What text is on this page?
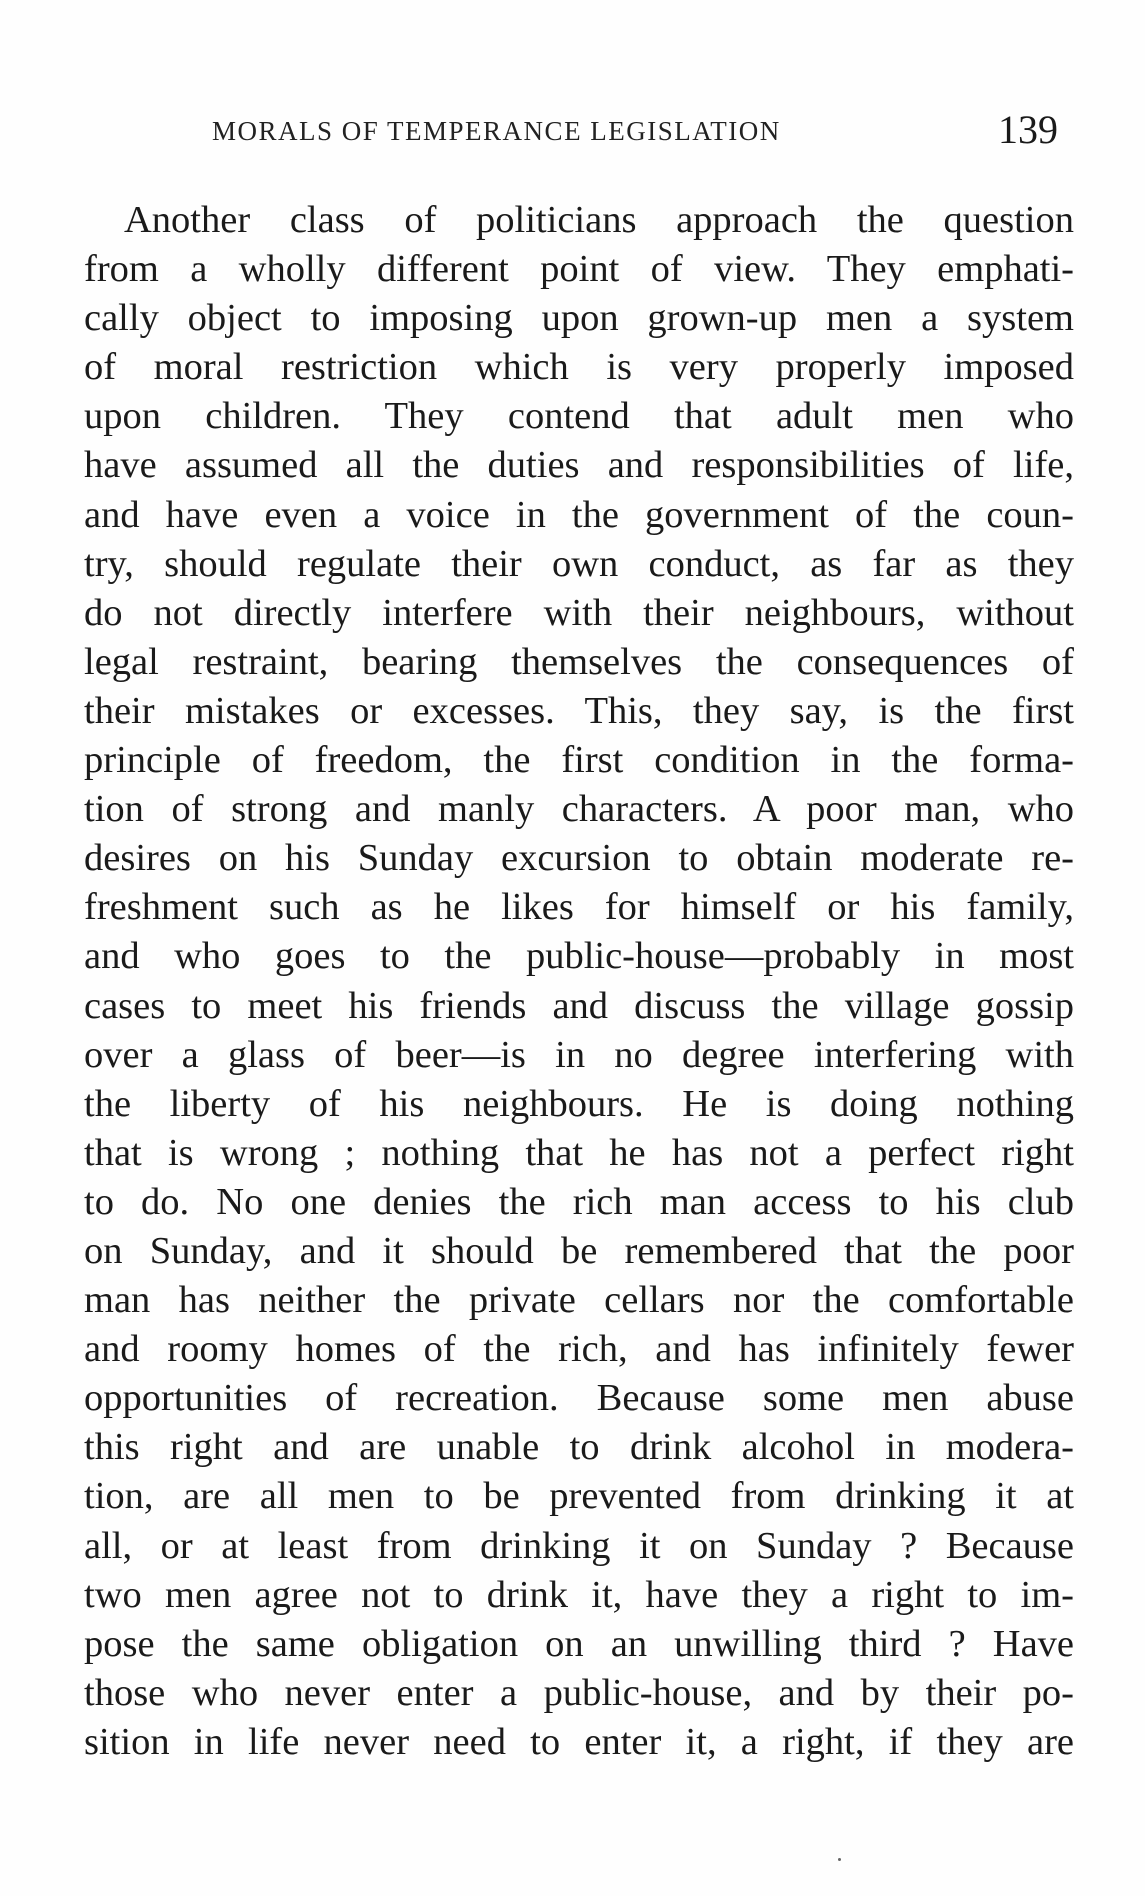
MORALS OF TEMPERANCE LEGISLATION	139
Another class of politicians approach the question
from a wholly different point of view. They emphati-
cally object to imposing upon grown-up men a system
of moral restriction which is very properly imposed
upon children. They contend that adult men who
have assumed all the duties and responsibilities of life,
and have even a voice in the government of the coun-
try, should regulate their own conduct, as far as they
do not directly interfere with their neighbours, without
legal restraint, bearing themselves the consequences of
their mistakes or excesses. This, they say, is the first
principle of freedom, the first condition in the forma-
tion of strong and manly characters. A poor man, who
desires on his Sunday excursion to obtain moderate re-
freshment such as he likes for himself or his family,
and who goes to the public-house—probably in most
cases to meet his friends and discuss the village gossip
over a glass of beer—is in no degree interfering with
the liberty of his neighbours. He is doing nothing
that is wrong ; nothing that he has not a perfect right
to do. No one denies the rich man access to his club
on Sunday, and it should be remembered that the poor
man has neither the private cellars nor the comfortable
and roomy homes of the rich, and has infinitely fewer
opportunities of recreation. Because some men abuse
this right and are unable to drink alcohol in modera-
tion, are all men to be prevented from drinking it at
all, or at least from drinking it on Sunday ? Because
two men agree not to drink it, have they a right to im-
pose the same obligation on an unwilling third ? Have
those who never enter a public-house, and by their po-
sition in life never need to enter it, a right, if they are
